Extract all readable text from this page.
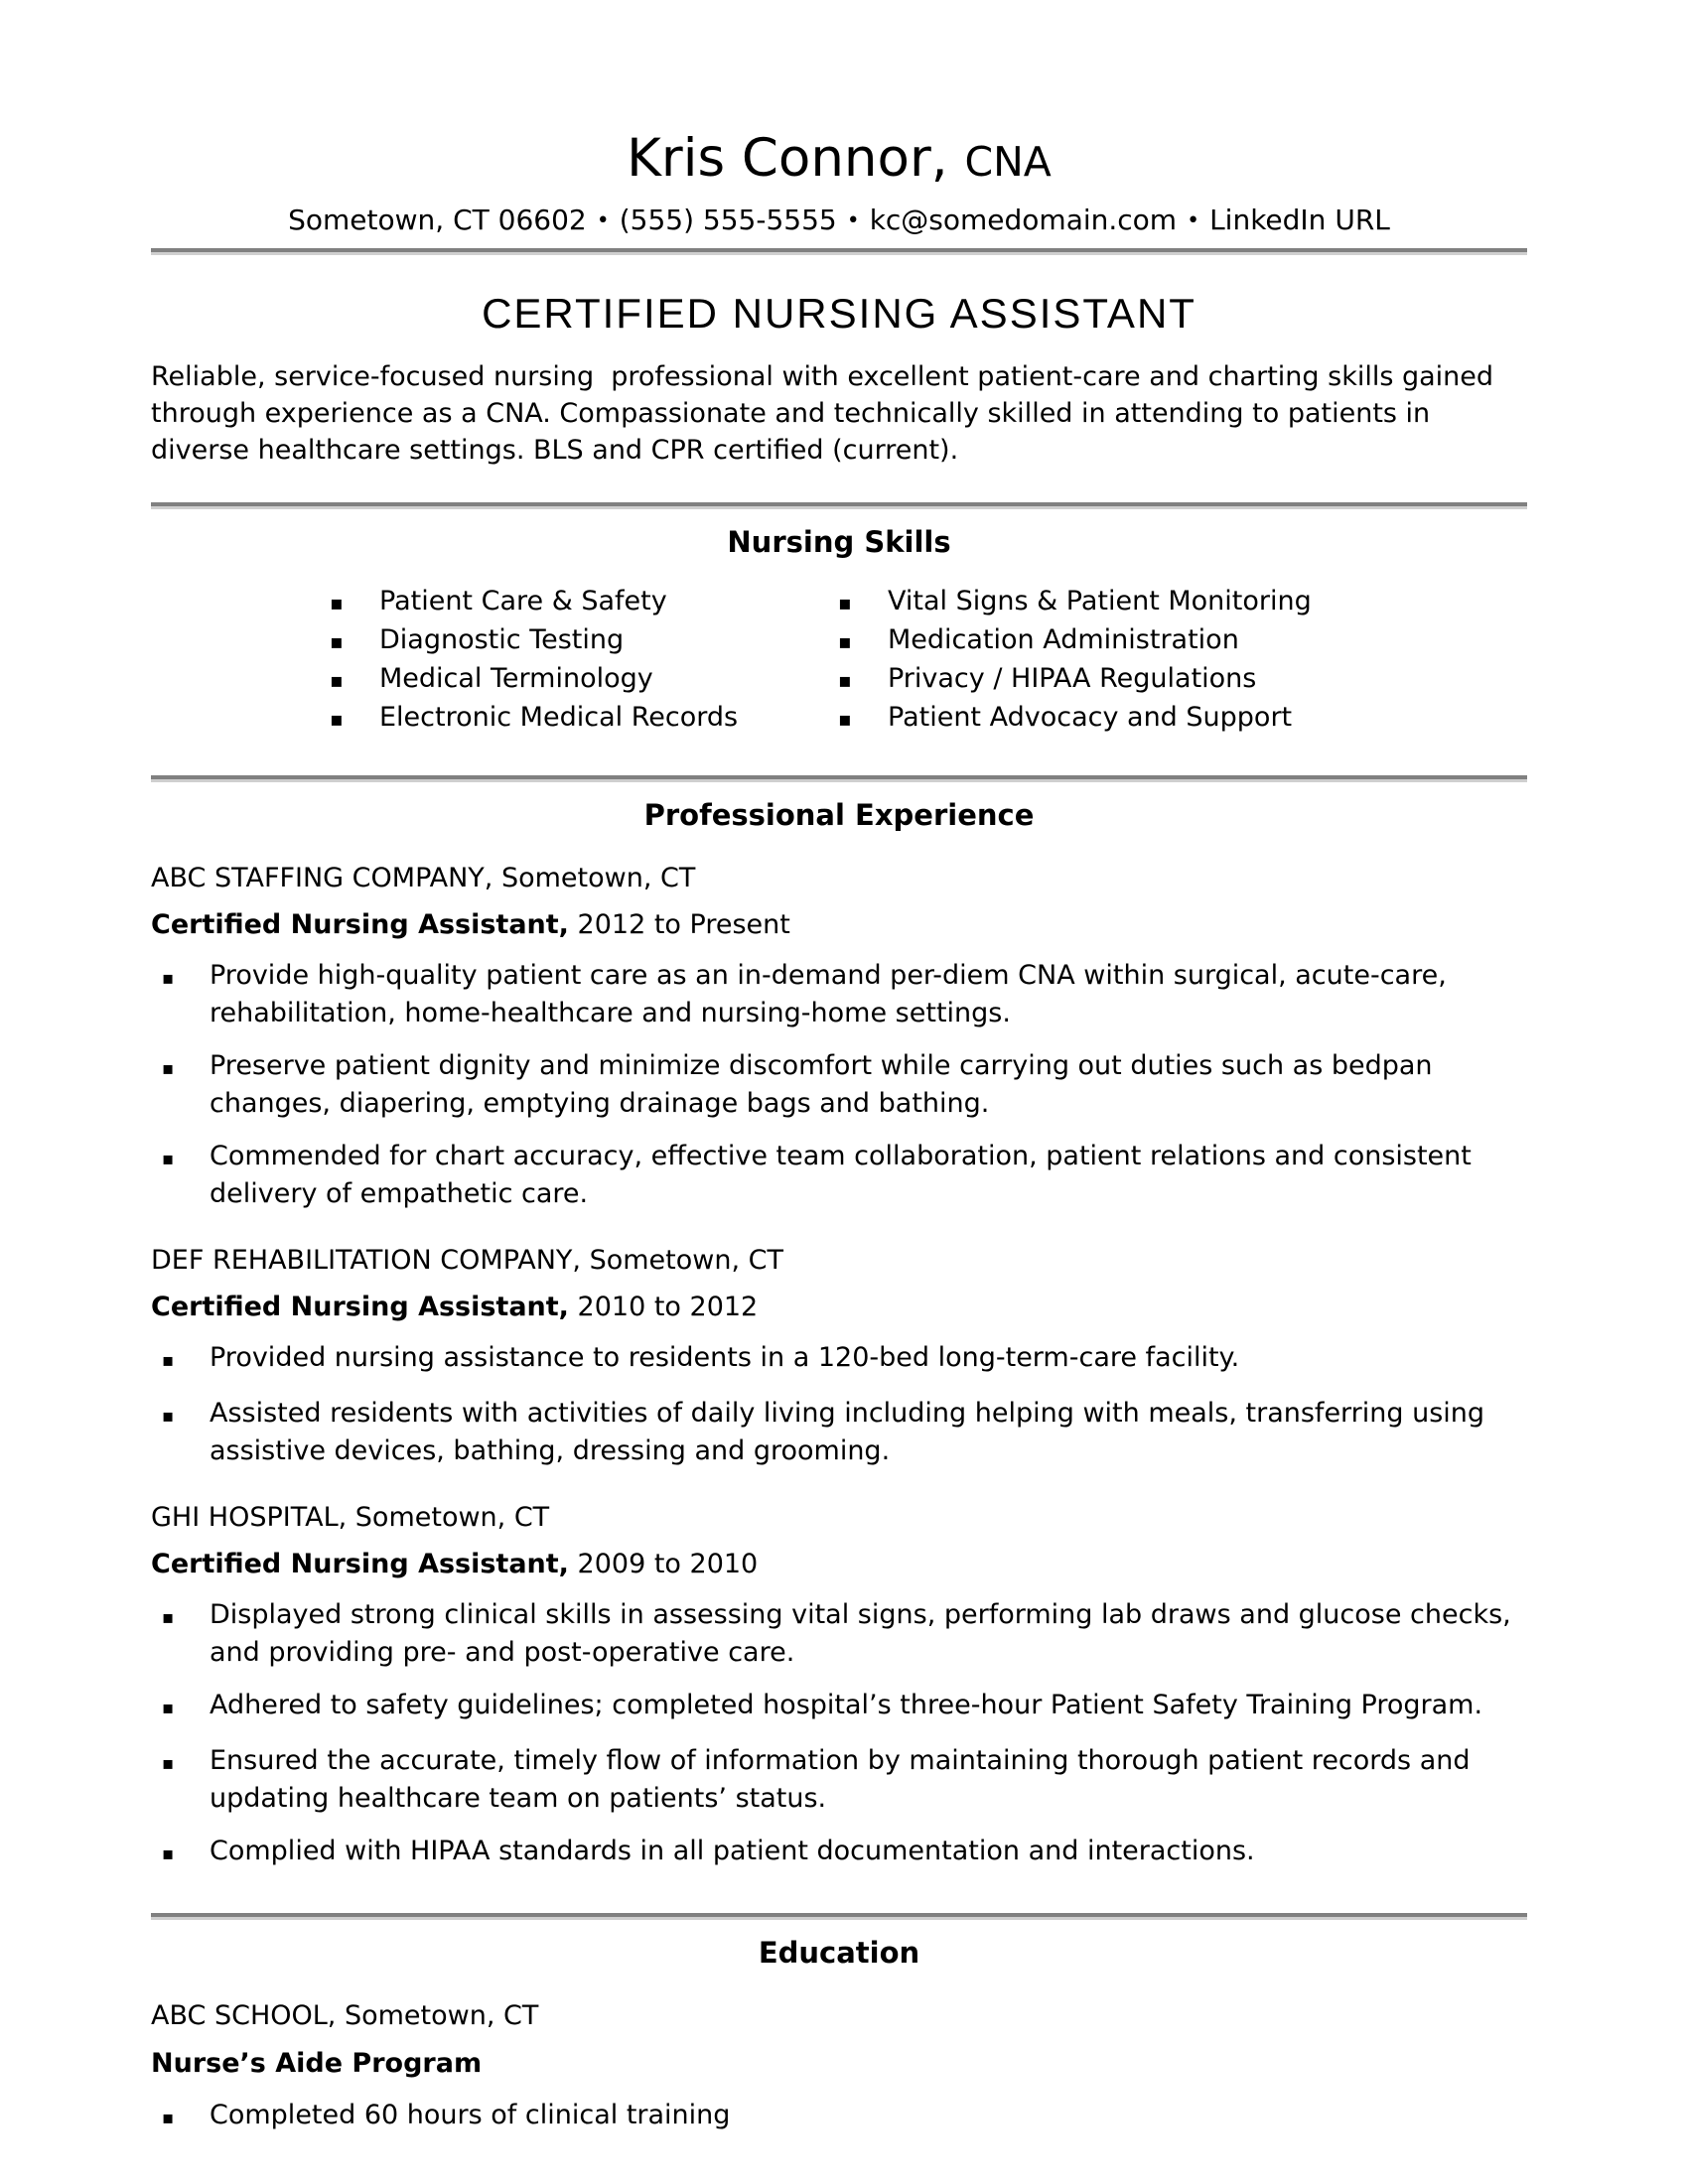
Kris Connor, CNA
Sometown, CT 06602 • (555) 555-5555 • kc@somedomain.com • LinkedIn URL
CERTIFIED NURSING ASSISTANT

Reliable, service-focused nursing  professional with excellent patient-care and charting skills gained through experience as a CNA. Compassionate and technically skilled in attending to patients in diverse healthcare settings. BLS and CPR certified (current).

Nursing Skills
▪	Patient Care & Safety
▪	Diagnostic Testing
▪	Medical Terminology
▪	Electronic Medical Records
▪	Vital Signs & Patient Monitoring
▪	Medication Administration
▪	Privacy / HIPAA Regulations
▪	Patient Advocacy and Support
Professional Experience
ABC STAFFING COMPANY, Sometown, CT
Certified Nursing Assistant, 2012 to Present
▪	Provide high-quality patient care as an in-demand per-diem CNA within surgical, acute-care, rehabilitation, home-healthcare and nursing-home settings.
▪	Preserve patient dignity and minimize discomfort while carrying out duties such as bedpan changes, diapering, emptying drainage bags and bathing.
▪	Commended for chart accuracy, effective team collaboration, patient relations and consistent delivery of empathetic care.
DEF REHABILITATION COMPANY, Sometown, CT
Certified Nursing Assistant, 2010 to 2012
▪	Provided nursing assistance to residents in a 120-bed long-term-care facility.
▪	Assisted residents with activities of daily living including helping with meals, transferring using assistive devices, bathing, dressing and grooming.
GHI HOSPITAL, Sometown, CT
Certified Nursing Assistant, 2009 to 2010
▪	Displayed strong clinical skills in assessing vital signs, performing lab draws and glucose checks, and providing pre- and post-operative care.
▪	Adhered to safety guidelines; completed hospital’s three-hour Patient Safety Training Program.
▪	Ensured the accurate, timely flow of information by maintaining thorough patient records and updating healthcare team on patients’ status.
▪	Complied with HIPAA standards in all patient documentation and interactions.
Education
ABC SCHOOL, Sometown, CT
Nurse’s Aide Program
▪	Completed 60 hours of clinical training
